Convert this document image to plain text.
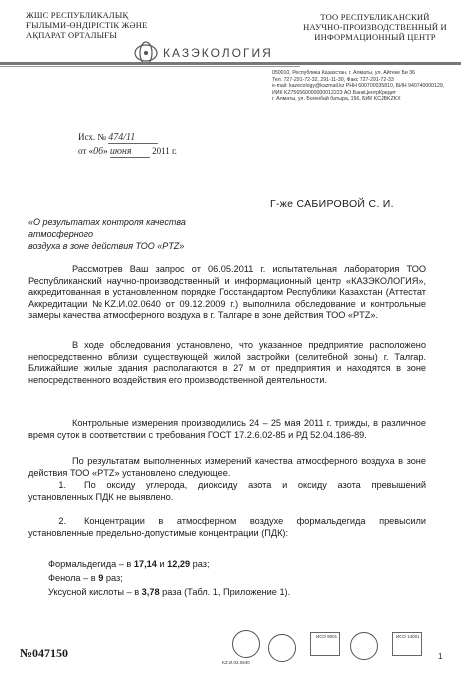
ЖШС РЕСПУБЛИКАЛЫҚ
ҒЫЛЫМИ-ӨНДІРІСТІК ЖӘНЕ
АҚПАРАТ ОРТАЛЫҒЫ
ТОО РЕСПУБЛИКАНСКИЙ
НАУЧНО-ПРОИЗВОДСТВЕННЫЙ И
ИНФОРМАЦИОННЫЙ ЦЕНТР
КАЗЭКОЛОГИЯ
050010, Республика Казахстан, г. Алматы, ул. Айтеке Би 36
Тел. 727-291-72-32, 291-11-30, Факс 727-291-72-33
e-mail: kazecology@kazmail.kz РНН 600700035810, БИН 940740000129,
ИИК KZ756560000000012223 АО БанкЦентрКредит
г. Алматы, ул. Богенбай батыра, 156, БИК KCJBKZKX
Исх. № 474/11
от «06» июня 2011 г.
Г-же САБИРОВОЙ С. И.
«О результатах контроля качества атмосферного
воздуха в зоне действия ТОО «PTZ»
Рассмотрев Ваш запрос от 06.05.2011 г. испытательная лаборатория ТОО Республиканский научно-производственный и информационный центр «КАЗЭКОЛОГИЯ», аккредитованная в установленном порядке Госстандартом Республики Казахстан (Аттестат Аккредитации №KZ.И.02.0640 от 09.12.2009 г.) выполнила обследование и контрольные замеры качества атмосферного воздуха в г. Талгаре в зоне действия ТОО «PTZ».
В ходе обследования установлено, что указанное предприятие расположено непосредственно вблизи существующей жилой застройки (селитебной зоны) г. Талгар. Ближайшие жилые здания располагаются в 27 м от предприятия и находятся в зоне непосредственного воздействия его производственной деятельности.
Контрольные измерения производились 24 – 25 мая 2011 г. трижды, в различное время суток в соответствии с требования ГОСТ 17.2.6.02-85 и РД 52.04.186-89.
По результатам выполненных измерений качества атмосферного воздуха в зоне действия ТОО «PTZ» установлено следующее.
1. По оксиду углерода, диоксиду азота и оксиду азота превышений установленных ПДК не выявлено.
2. Концентрации в атмосферном воздухе формальдегида превысили установленные предельно-допустимые концентрации (ПДК):
Формальдегида – в 17,14 и 12,29 раз;
Фенола – в 9 раз;
Уксусной кислоты – в 3,78 раза (Табл. 1, Приложение 1).
№047150
KZ.И.02.0640
ИСО 9001	ИСО 14001
1
